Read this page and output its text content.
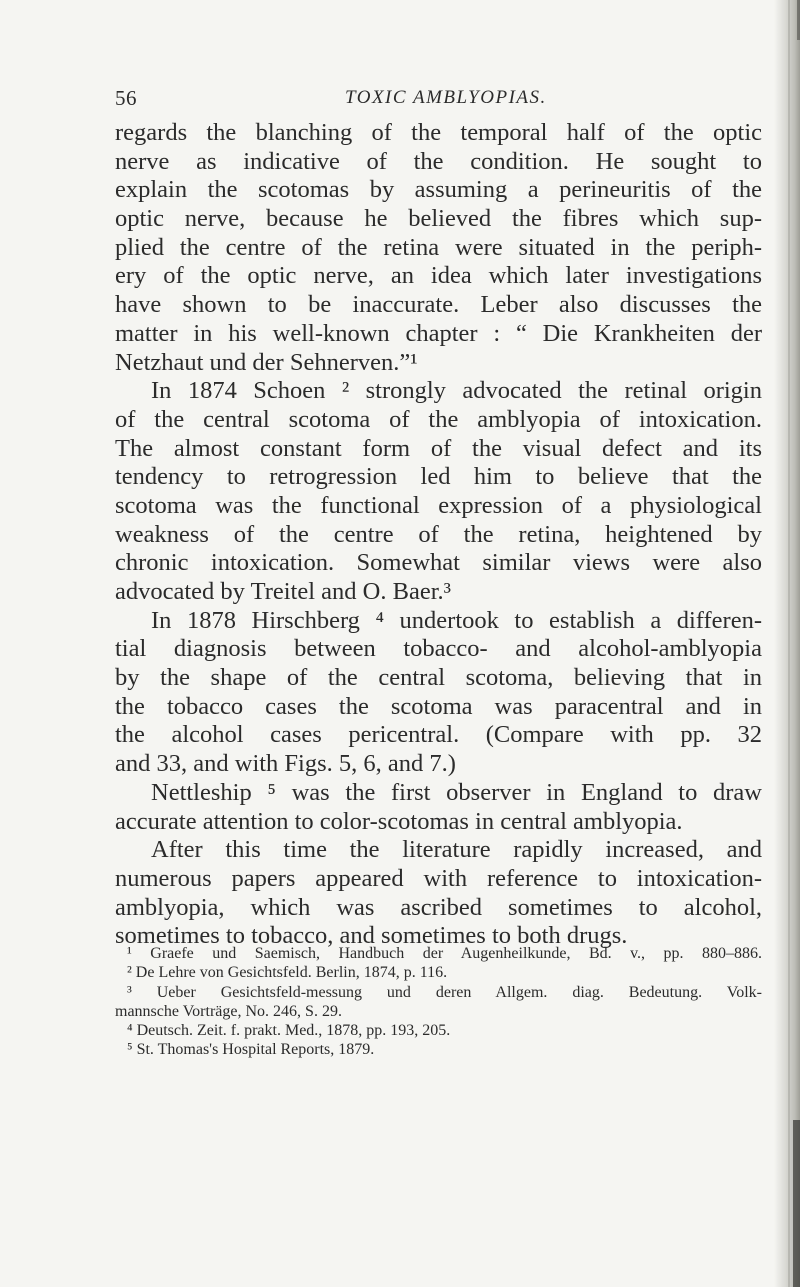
56	TOXIC AMBLYOPIAS.
regards the blanching of the temporal half of the optic
nerve as indicative of the condition. He sought to
explain the scotomas by assuming a perineuritis of the
optic nerve, because he believed the fibres which sup-
plied the centre of the retina were situated in the periph-
ery of the optic nerve, an idea which later investigations
have shown to be inaccurate. Leber also discusses the
matter in his well-known chapter : “ Die Krankheiten der
Netzhaut und der Sehnerven.”¹
In 1874 Schoen ² strongly advocated the retinal origin
of the central scotoma of the amblyopia of intoxication.
The almost constant form of the visual defect and its
tendency to retrogression led him to believe that the
scotoma was the functional expression of a physiological
weakness of the centre of the retina, heightened by
chronic intoxication. Somewhat similar views were also
advocated by Treitel and O. Baer.³
In 1878 Hirschberg ⁴ undertook to establish a differen-
tial diagnosis between tobacco- and alcohol-amblyopia
by the shape of the central scotoma, believing that in
the tobacco cases the scotoma was paracentral and in
the alcohol cases pericentral. (Compare with pp. 32
and 33, and with Figs. 5, 6, and 7.)
Nettleship ⁵ was the first observer in England to draw
accurate attention to color-scotomas in central amblyopia.
After this time the literature rapidly increased, and
numerous papers appeared with reference to intoxication-
amblyopia, which was ascribed sometimes to alcohol,
sometimes to tobacco, and sometimes to both drugs.
¹ Graefe und Saemisch, Handbuch der Augenheilkunde, Bd. v., pp. 880–886.
² De Lehre von Gesichtsfeld. Berlin, 1874, p. 116.
³ Ueber Gesichtsfeld-messung und deren Allgem. diag. Bedeutung. Volk-
mannsche Vorträge, No. 246, S. 29.
⁴ Deutsch. Zeit. f. prakt. Med., 1878, pp. 193, 205.
⁵ St. Thomas's Hospital Reports, 1879.
